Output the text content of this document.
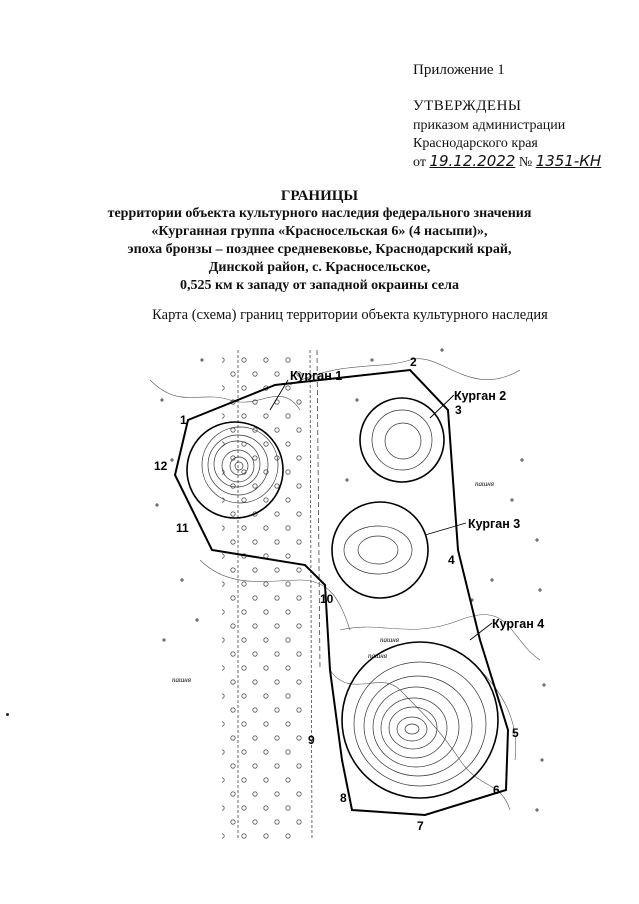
Приложение 1
УТВЕРЖДЕНЫ
приказом администрации
Краснодарского края
от 19.12.2022 № 1351-КН
ГРАНИЦЫ
территории объекта культурного наследия федерального значения
«Курганная группа «Красносельская 6» (4 насыпи)»,
эпоха бронзы – позднее средневековье, Краснодарский край,
Динской район, с. Красносельское,
0,525 км к западу от западной окраины села
Карта (схема) границ территории объекта культурного наследия
Курган 1
Курган 2
Курган 3
Курган 4
1
2
3
4
5
6
7
8
9
10
11
12
пашня
пашня
пашня
пашня
